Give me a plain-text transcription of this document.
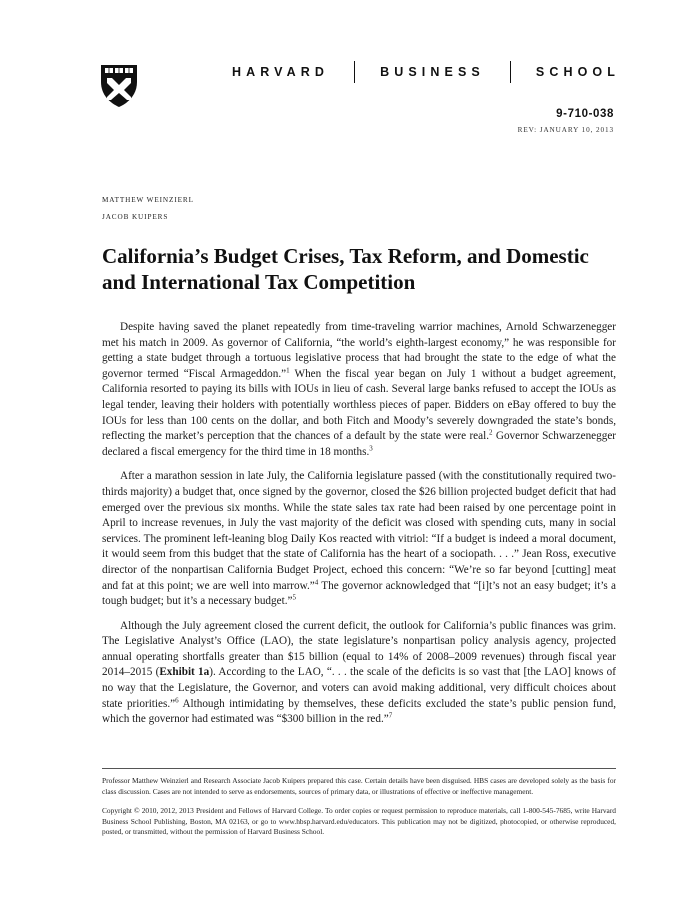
HARVARD	BUSINESS	SCHOOL
9-710-038
REV: JANUARY 10, 2013
MATTHEW WEINZIERL
JACOB KUIPERS
California’s Budget Crises, Tax Reform, and Domestic and International Tax Competition

Despite having saved the planet repeatedly from time-traveling warrior machines, Arnold Schwarzenegger met his match in 2009. As governor of California, “the world’s eighth-largest economy,” he was responsible for getting a state budget through a tortuous legislative process that had brought the state to the edge of what the governor termed “Fiscal Armageddon.”$^1$ When the fiscal year began on July 1 without a budget agreement, California resorted to paying its bills with IOUs in lieu of cash. Several large banks refused to accept the IOUs as legal tender, leaving their holders with potentially worthless pieces of paper. Bidders on eBay offered to buy the IOUs for less than 100 cents on the dollar, and both Fitch and Moody’s severely downgraded the state’s bonds, reflecting the market’s perception that the chances of a default by the state were real.$^2$ Governor Schwarzenegger declared a fiscal emergency for the third time in 18 months.$^3$

After a marathon session in late July, the California legislature passed (with the constitutionally required two-thirds majority) a budget that, once signed by the governor, closed the $26 billion projected budget deficit that had emerged over the previous six months. While the state sales tax rate had been raised by one percentage point in April to increase revenues, in July the vast majority of the deficit was closed with spending cuts, many in social services. The prominent left-leaning blog Daily Kos reacted with vitriol: “If a budget is indeed a moral document, it would seem from this budget that the state of California has the heart of a sociopath. . . .” Jean Ross, executive director of the nonpartisan California Budget Project, echoed this concern: “We’re so far beyond [cutting] meat and fat at this point; we are well into marrow.”$^4$ The governor acknowledged that “[i]t’s not an easy budget; it’s a tough budget; but it’s a necessary budget.”$^5$

Although the July agreement closed the current deficit, the outlook for California’s public finances was grim. The Legislative Analyst’s Office (LAO), the state legislature’s nonpartisan policy analysis agency, projected annual operating shortfalls greater than $15 billion (equal to 14% of 2008–2009 revenues) through fiscal year 2014–2015 (Exhibit 1a). According to the LAO, “. . . the scale of the deficits is so vast that [the LAO] knows of no way that the Legislature, the Governor, and voters can avoid making additional, very difficult choices about state priorities.”$^6$ Although intimidating by themselves, these deficits excluded the state’s public pension fund, which the governor had estimated was “$300 billion in the red.”$^7$

Professor Matthew Weinzierl and Research Associate Jacob Kuipers prepared this case. Certain details have been disguised. HBS cases are developed solely as the basis for class discussion. Cases are not intended to serve as endorsements, sources of primary data, or illustrations of effective or ineffective management.

Copyright © 2010, 2012, 2013 President and Fellows of Harvard College. To order copies or request permission to reproduce materials, call 1-800-545-7685, write Harvard Business School Publishing, Boston, MA 02163, or go to www.hbsp.harvard.edu/educators. This publication may not be digitized, photocopied, or otherwise reproduced, posted, or transmitted, without the permission of Harvard Business School.
